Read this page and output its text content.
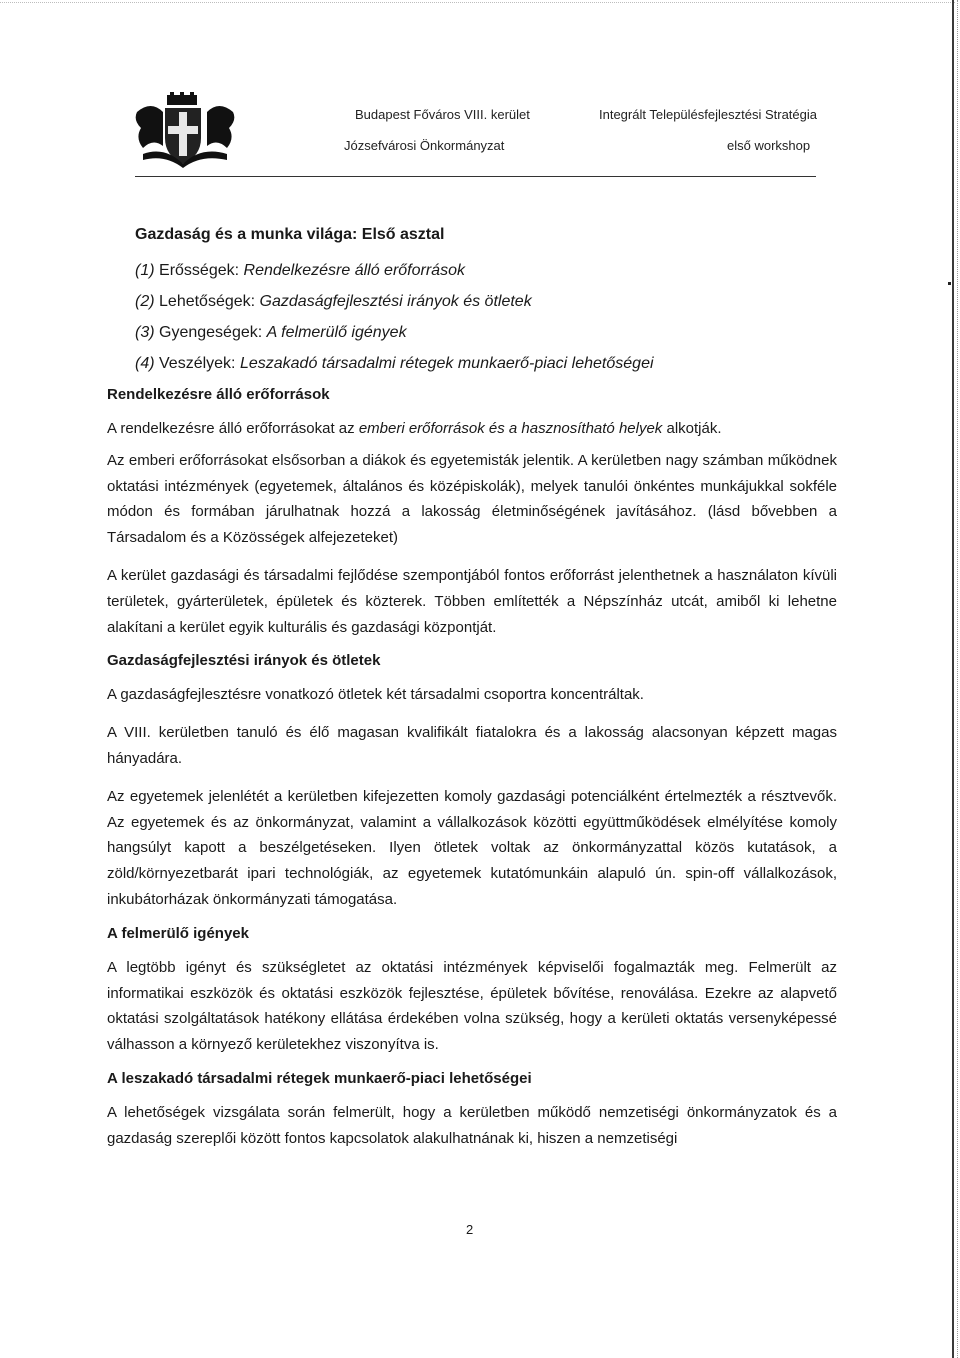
Budapest Főváros VIII. kerület
Józsefvárosi Önkormányzat
Integrált Településfejlesztési Stratégia
első workshop
Gazdaság és a munka világa: Első asztal
(1) Erősségek: Rendelkezésre álló erőforrások
(2) Lehetőségek: Gazdaságfejlesztési irányok és ötletek
(3) Gyengeségek: A felmerülő igények
(4) Veszélyek: Leszakadó társadalmi rétegek munkaerő-piaci lehetőségei
Rendelkezésre álló erőforrások

A rendelkezésre álló erőforrásokat az emberi erőforrások és a hasznosítható helyek alkotják.

Az emberi erőforrásokat elsősorban a diákok és egyetemisták jelentik. A kerületben nagy számban működnek oktatási intézmények (egyetemek, általános és középiskolák), melyek tanulói önkéntes munkájukkal sokféle módon és formában járulhatnak hozzá a lakosság életminőségének javításához. (lásd bővebben a Társadalom és a Közösségek alfejezeteket)

A kerület gazdasági és társadalmi fejlődése szempontjából fontos erőforrást jelenthetnek a használaton kívüli területek, gyárterületek, épületek és közterek. Többen említették a Népszínház utcát, amiből ki lehetne alakítani a kerület egyik kulturális és gazdasági központját.

Gazdaságfejlesztési irányok és ötletek

A gazdaságfejlesztésre vonatkozó ötletek két társadalmi csoportra koncentráltak.

A VIII. kerületben tanuló és élő magasan kvalifikált fiatalokra és a lakosság alacsonyan képzett magas hányadára.

Az egyetemek jelenlétét a kerületben kifejezetten komoly gazdasági potenciálként értelmezték a résztvevők. Az egyetemek és az önkormányzat, valamint a vállalkozások közötti együttműködések elmélyítése komoly hangsúlyt kapott a beszélgetéseken. Ilyen ötletek voltak az önkormányzattal közös kutatások, a zöld/környezetbarát ipari technológiák, az egyetemek kutatómunkáin alapuló ún. spin-off vállalkozások, inkubátorházak önkormányzati támogatása.

A felmerülő igények

A legtöbb igényt és szükségletet az oktatási intézmények képviselői fogalmazták meg. Felmerült az informatikai eszközök és oktatási eszközök fejlesztése, épületek bővítése, renoválása. Ezekre az alapvető oktatási szolgáltatások hatékony ellátása érdekében volna szükség, hogy a kerületi oktatás versenyképessé válhasson a környező kerületekhez viszonyítva is.

A leszakadó társadalmi rétegek munkaerő-piaci lehetőségei

A lehetőségek vizsgálata során felmerült, hogy a kerületben működő nemzetiségi önkormányzatok és a gazdaság szereplői között fontos kapcsolatok alakulhatnának ki, hiszen a nemzetiségi

2
